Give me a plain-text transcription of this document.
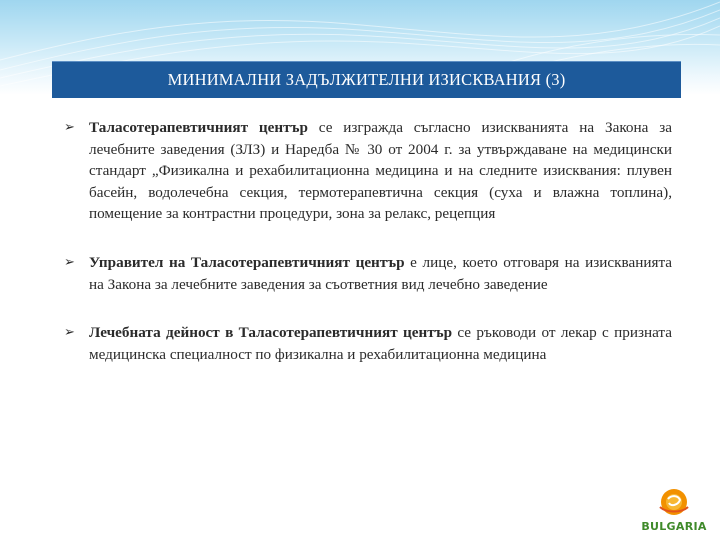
МИНИМАЛНИ ЗАДЪЛЖИТЕЛНИ ИЗИСКВАНИЯ (3)
➢ Таласотерапевтичният център се изгражда съгласно изискванията на Закона за лечебните заведения (ЗЛЗ) и Наредба № 30 от 2004 г. за утвърждаване на медицински стандарт „Физикална и рехабилитационна медицина и на следните изисквания: плувен басейн, водолечебна секция, термотерапевтична секция (суха и влажна топлина), помещение за контрастни процедури, зона за релакс, рецепция
➢ Управител на Таласотерапевтичният център е лице, което отговаря на изискванията на Закона за лечебните заведения за съответния вид лечебно заведение
➢ Лечебната дейност в Таласотерапевтичният център се ръководи от лекар с призната медицинска специалност по физикална и рехабилитационна медицина
BULGARIA
